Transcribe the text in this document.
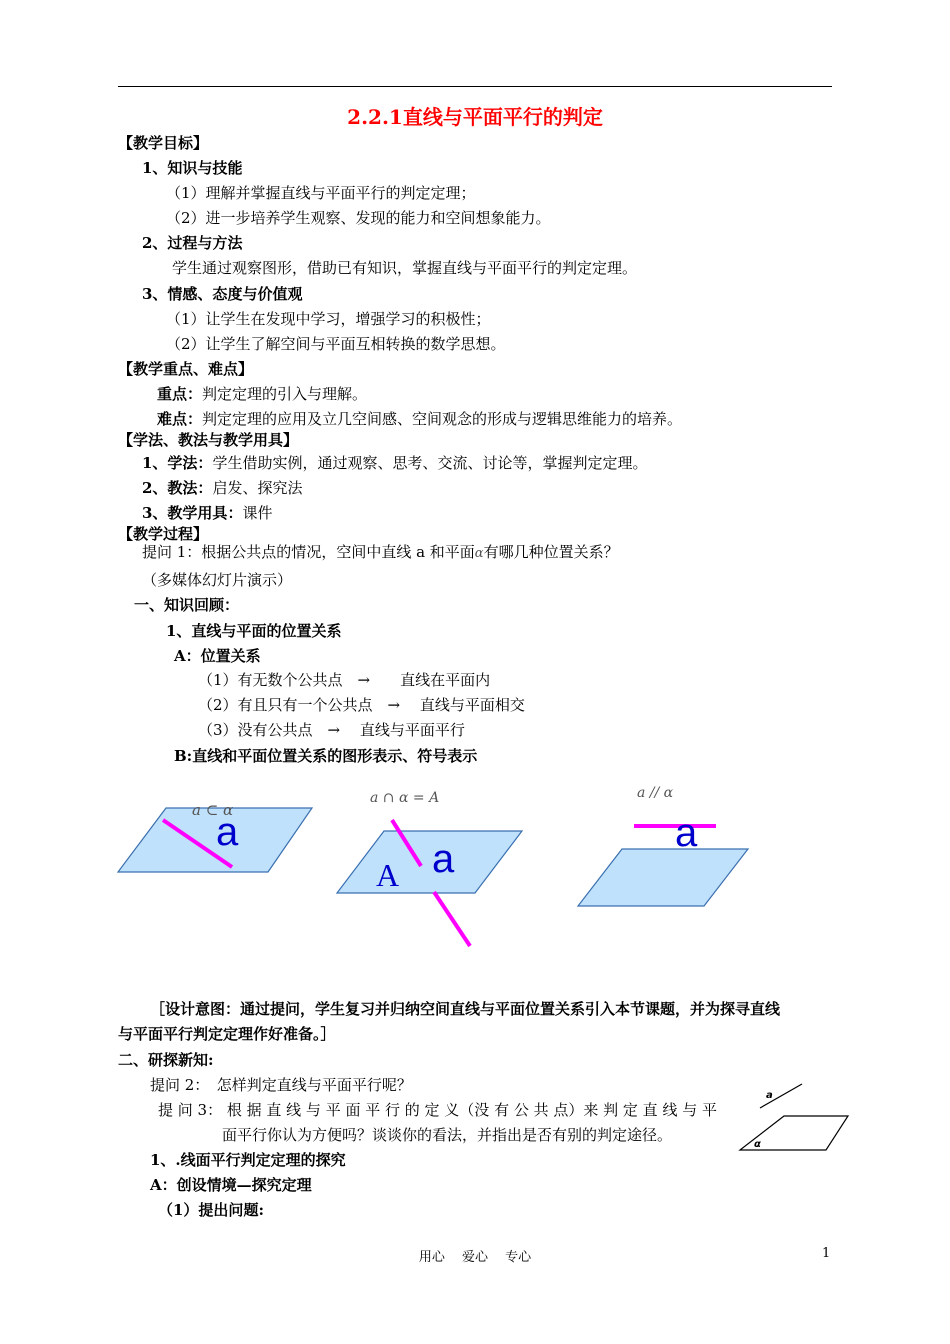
2.2.1直线与平面平行的判定
【教学目标】
1、知识与技能
（1）理解并掌握直线与平面平行的判定定理；
（2）进一步培养学生观察、发现的能力和空间想象能力。
2、过程与方法
学生通过观察图形，借助已有知识，掌握直线与平面平行的判定定理。
3、情感、态度与价值观
（1）让学生在发现中学习，增强学习的积极性；
（2）让学生了解空间与平面互相转换的数学思想。
【教学重点、难点】
重点：判定定理的引入与理解。
难点：判定定理的应用及立几空间感、空间观念的形成与逻辑思维能力的培养。
【学法、教法与教学用具】
1、学法：学生借助实例，通过观察、思考、交流、讨论等，掌握判定定理。
2、教法：启发、探究法
3、教学用具：课件
【教学过程】
提问 1：根据公共点的情况，空间中直线 a 和平面α有哪几种位置关系？
（多媒体幻灯片演示）
一、知识回顾：
1、直线与平面的位置关系
A：位置关系
（1）有无数个公共点　→　　直线在平面内
（2）有且只有一个公共点　→　 直线与平面相交
（3）没有公共点　→　 直线与平面平行
B:直线和平面位置关系的图形表示、符号表示
a ⊂ α
a
a ∩ α = A
A a
a // α
a
a
α
［设计意图：通过提问，学生复习并归纳空间直线与平面位置关系引入本节课题，并为探寻直线
与平面平行判定定理作好准备。］
二、研探新知:
提问 2：　怎样判定直线与平面平行呢？
提 问 3： 根 据 直 线 与 平 面 平 行 的 定 义（没 有 公 共 点）来 判 定 直 线 与 平
面平行你认为方便吗？谈谈你的看法，并指出是否有别的判定途径。
1、.线面平行判定定理的探究
A：创设情境—探究定理
（1）提出问题:
用心　 爱心　 专心	1
